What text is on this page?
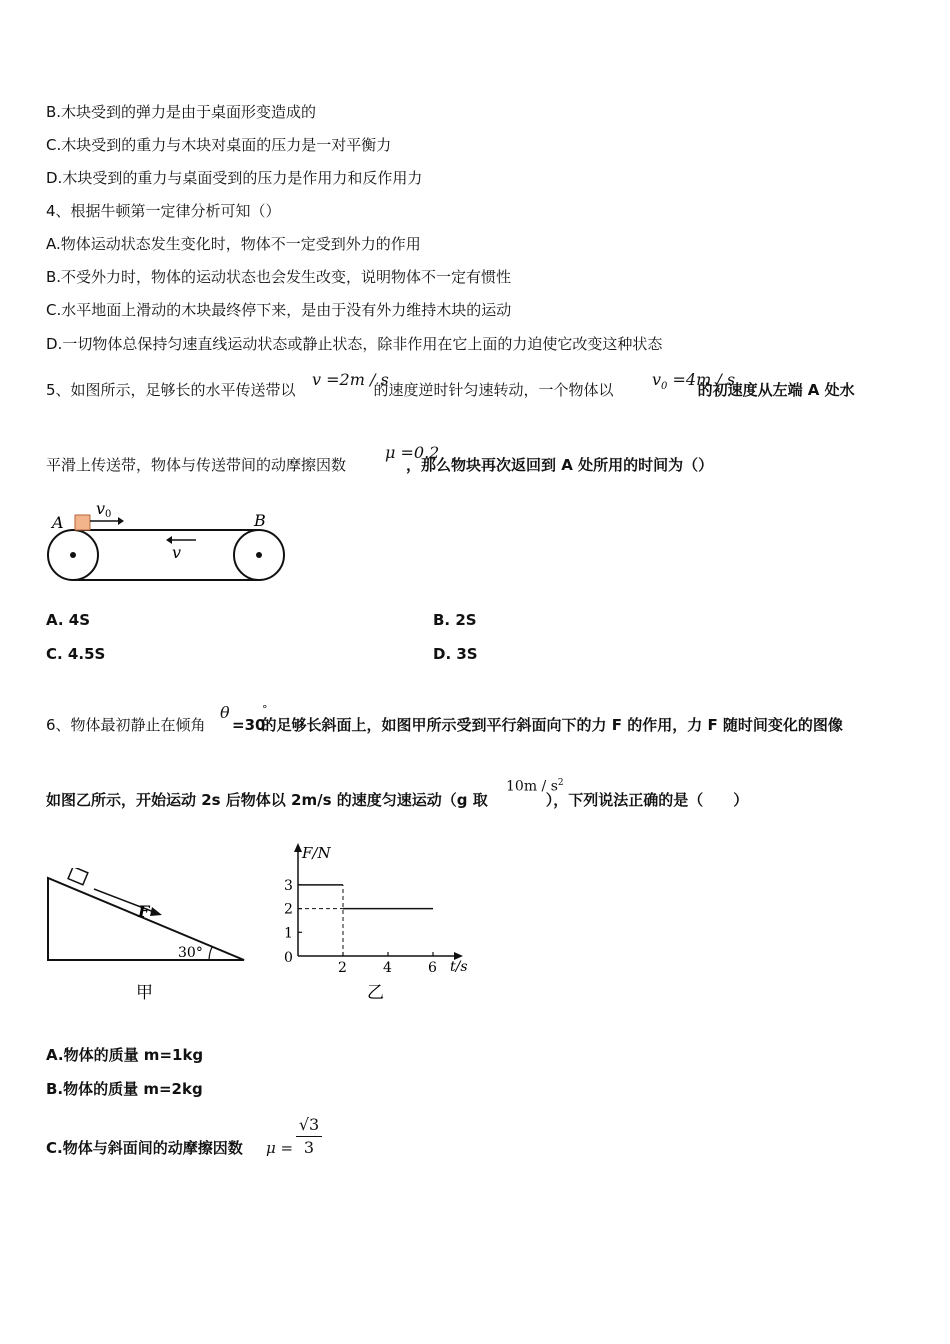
B.木块受到的弹力是由于桌面形变造成的
C.木块受到的重力与木块对桌面的压力是一对平衡力
D.木块受到的重力与桌面受到的压力是作用力和反作用力
4、根据牛顿第一定律分析可知（）
A.物体运动状态发生变化时，物体不一定受到外力的作用
B.不受外力时，物体的运动状态也会发生改变，说明物体不一定有惯性
C.水平地面上滑动的木块最终停下来，是由于没有外力维持木块的运动
D.一切物体总保持匀速直线运动状态或静止状态，除非作用在它上面的力迫使它改变这种状态
5、如图所示，足够长的水平传送带以	的速度逆时针匀速转动，一个物体以	的初速度从左端 A 处水
v =2m / s	$v_0 =4m / s$
平滑上传送带，物体与传送带间的动摩擦因数	，那么物块再次返回到 A 处所用的时间为（）
μ =0.2
A	B
v 0
v
A. 4S	B. 2S
C. 4.5S	D. 3S
6、物体最初静止在倾角	的足够长斜面上，如图甲所示受到平行斜面向下的力 F 的作用，力 F 随时间变化的图像
θ
=30
°
如图乙所示，开始运动 2s 后物体以 2m/s 的速度匀速运动（g 取	），下列说法正确的是（　　）
$10m / s^2$
F
30°
甲
F/N
t/s
0
1
2
3
2	4	6
乙
A.物体的质量 m=1kg
B.物体的质量 m=2kg
C.物体与斜面间的动摩擦因数 $\mu = \frac{√3}{3}$
